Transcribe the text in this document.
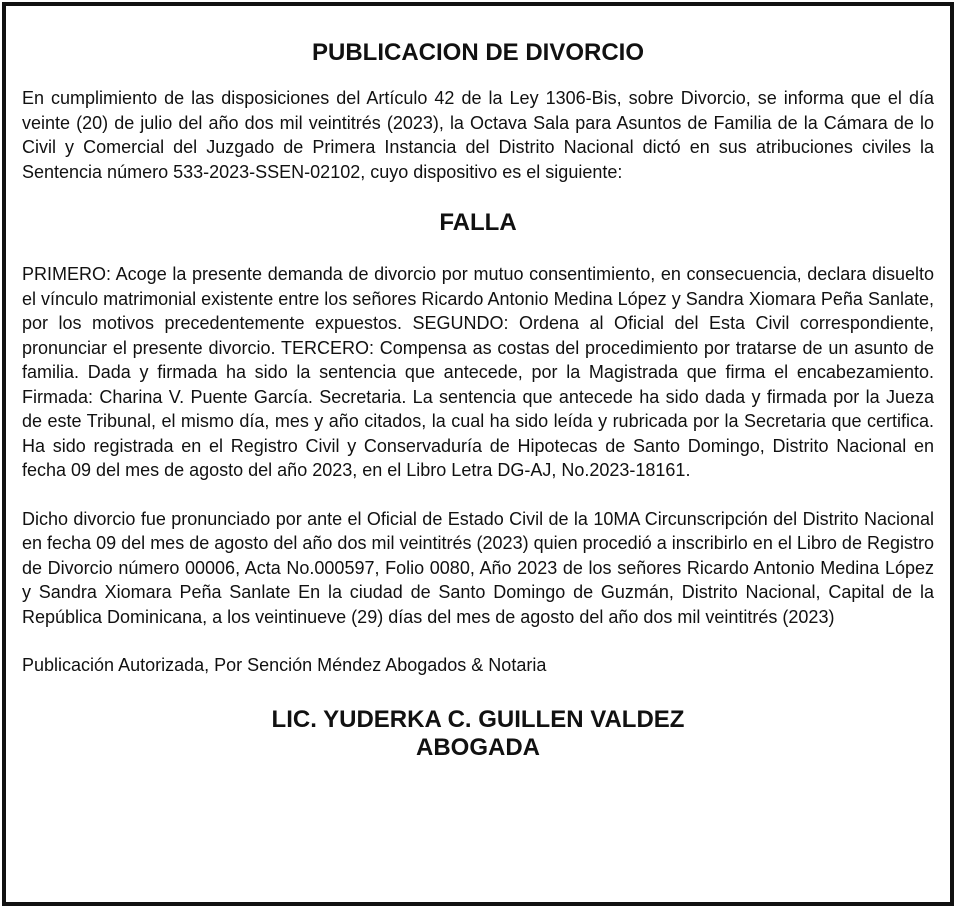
PUBLICACION DE DIVORCIO

En cumplimiento de las disposiciones del Artículo 42 de la Ley 1306-Bis, sobre Divorcio, se informa que el día veinte (20) de julio del año dos mil veintitrés (2023), la Octava Sala para Asuntos de Familia de la Cámara de lo Civil y Comercial del Juzgado de Primera Instancia del Distrito Nacional dictó en sus atribuciones civiles la Sentencia número 533-2023-SSEN-02102, cuyo dispositivo es el siguiente:

FALLA

PRIMERO: Acoge la presente demanda de divorcio por mutuo consentimiento, en consecuencia, declara disuelto el vínculo matrimonial existente entre los señores Ricardo Antonio Medina López y Sandra Xiomara Peña Sanlate, por los motivos precedentemente expuestos. SEGUNDO: Ordena al Oficial del Esta Civil correspondiente, pronunciar el presente divorcio. TERCERO: Compensa as costas del procedimiento por tratarse de un asunto de familia. Dada y firmada ha sido la sentencia que antecede, por la Magistrada que firma el encabezamiento. Firmada: Charina V. Puente García. Secretaria. La sentencia que antecede ha sido dada y firmada por la Jueza de este Tribunal, el mismo día, mes y año citados, la cual ha sido leída y rubricada por la Secretaria que certifica. Ha sido registrada en el Registro Civil y Conservaduría de Hipotecas de Santo Domingo, Distrito Nacional en fecha 09 del mes de agosto del año 2023, en el Libro Letra DG-AJ, No.2023-18161.

Dicho divorcio fue pronunciado por ante el Oficial de Estado Civil de la 10MA Circunscripción del Distrito Nacional en fecha 09 del mes de agosto del año dos mil veintitrés (2023) quien procedió a inscribirlo en el Libro de Registro de Divorcio número 00006, Acta No.000597, Folio 0080, Año 2023 de los señores Ricardo Antonio Medina López y Sandra Xiomara Peña Sanlate En la ciudad de Santo Domingo de Guzmán, Distrito Nacional, Capital de la República Dominicana, a los veintinueve (29) días del mes de agosto del año dos mil veintitrés (2023)

Publicación Autorizada, Por Sención Méndez Abogados & Notaria

LIC. YUDERKA C. GUILLEN VALDEZ
ABOGADA
